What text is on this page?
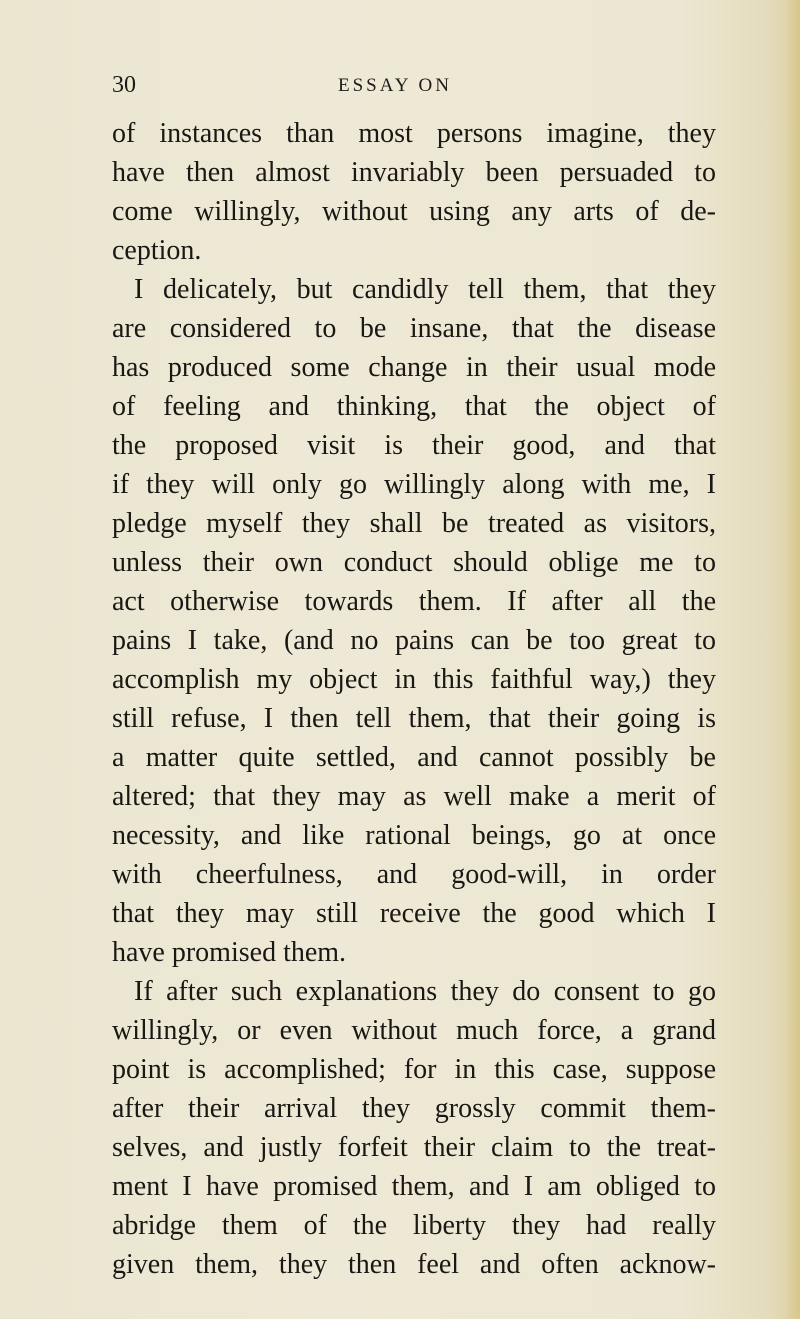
30	ESSAY ON
of instances than most persons imagine, they
have then almost invariably been persuaded to
come willingly, without using any arts of de-
ception.
I delicately, but candidly tell them, that they
are considered to be insane, that the disease
has produced some change in their usual mode
of feeling and thinking, that the object of
the proposed visit is their good, and that
if they will only go willingly along with me, I
pledge myself they shall be treated as visitors,
unless their own conduct should oblige me to
act otherwise towards them. If after all the
pains I take, (and no pains can be too great to
accomplish my object in this faithful way,) they
still refuse, I then tell them, that their going is
a matter quite settled, and cannot possibly be
altered; that they may as well make a merit of
necessity, and like rational beings, go at once
with cheerfulness, and good-will, in order
that they may still receive the good which I
have promised them.
If after such explanations they do consent to go
willingly, or even without much force, a grand
point is accomplished; for in this case, suppose
after their arrival they grossly commit them-
selves, and justly forfeit their claim to the treat-
ment I have promised them, and I am obliged to
abridge them of the liberty they had really
given them, they then feel and often acknow-
